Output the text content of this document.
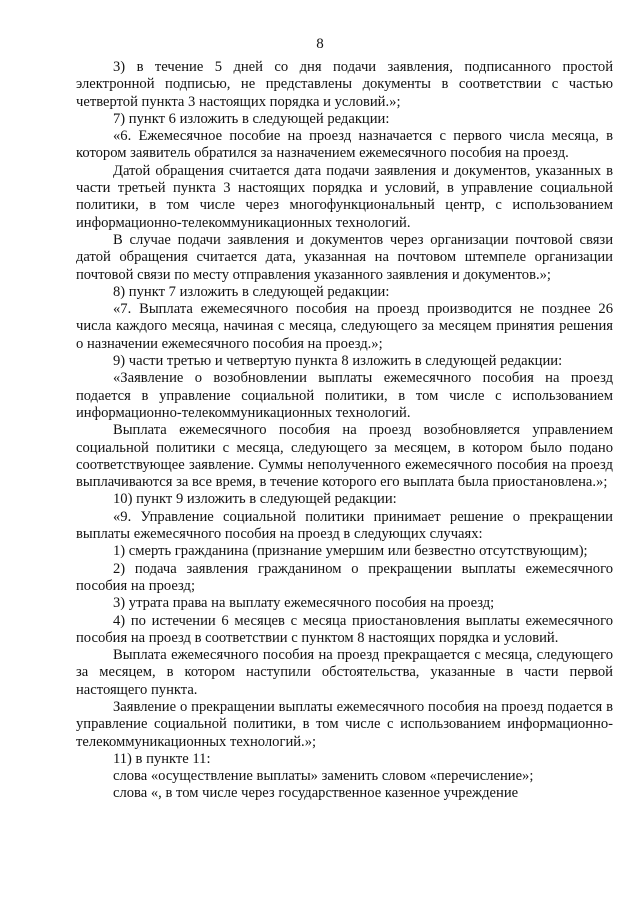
8

3) в течение 5 дней со дня подачи заявления, подписанного простой электронной подписью, не представлены документы в соответствии с частью четвертой пункта 3 настоящих порядка и условий.»;

7) пункт 6 изложить в следующей редакции:

«6. Ежемесячное пособие на проезд назначается с первого числа месяца, в котором заявитель обратился за назначением ежемесячного пособия на проезд.

Датой обращения считается дата подачи заявления и документов, указанных в части третьей пункта 3 настоящих порядка и условий, в управление социальной политики, в том числе через многофункциональный центр, с использованием информационно-телекоммуникационных технологий.

В случае подачи заявления и документов через организации почтовой связи датой обращения считается дата, указанная на почтовом штемпеле организации почтовой связи по месту отправления указанного заявления и документов.»;

8) пункт 7 изложить в следующей редакции:

«7. Выплата ежемесячного пособия на проезд производится не позднее 26 числа каждого месяца, начиная с месяца, следующего за месяцем принятия решения о назначении ежемесячного пособия на проезд.»;

9) части третью и четвертую пункта 8 изложить в следующей редакции:

«Заявление о возобновлении выплаты ежемесячного пособия на проезд подается в управление социальной политики, в том числе с использованием информационно-телекоммуникационных технологий.

Выплата ежемесячного пособия на проезд возобновляется управлением социальной политики с месяца, следующего за месяцем, в котором было подано соответствующее заявление. Суммы неполученного ежемесячного пособия на проезд выплачиваются за все время, в течение которого его выплата была приостановлена.»;

10) пункт 9 изложить в следующей редакции:

«9. Управление социальной политики принимает решение о прекращении выплаты ежемесячного пособия на проезд в следующих случаях:

1) смерть гражданина (признание умершим или безвестно отсутствующим);

2) подача заявления гражданином о прекращении выплаты ежемесячного пособия на проезд;

3) утрата права на выплату ежемесячного пособия на проезд;

4) по истечении 6 месяцев с месяца приостановления выплаты ежемесячного пособия на проезд в соответствии с пунктом 8 настоящих порядка и условий.

Выплата ежемесячного пособия на проезд прекращается с месяца, следующего за месяцем, в котором наступили обстоятельства, указанные в части первой настоящего пункта.

Заявление о прекращении выплаты ежемесячного пособия на проезд подается в управление социальной политики, в том числе с использованием информационно-телекоммуникационных технологий.»;

11) в пункте 11:

слова «осуществление выплаты» заменить словом «перечисление»;

слова «, в том числе через государственное казенное учреждение
